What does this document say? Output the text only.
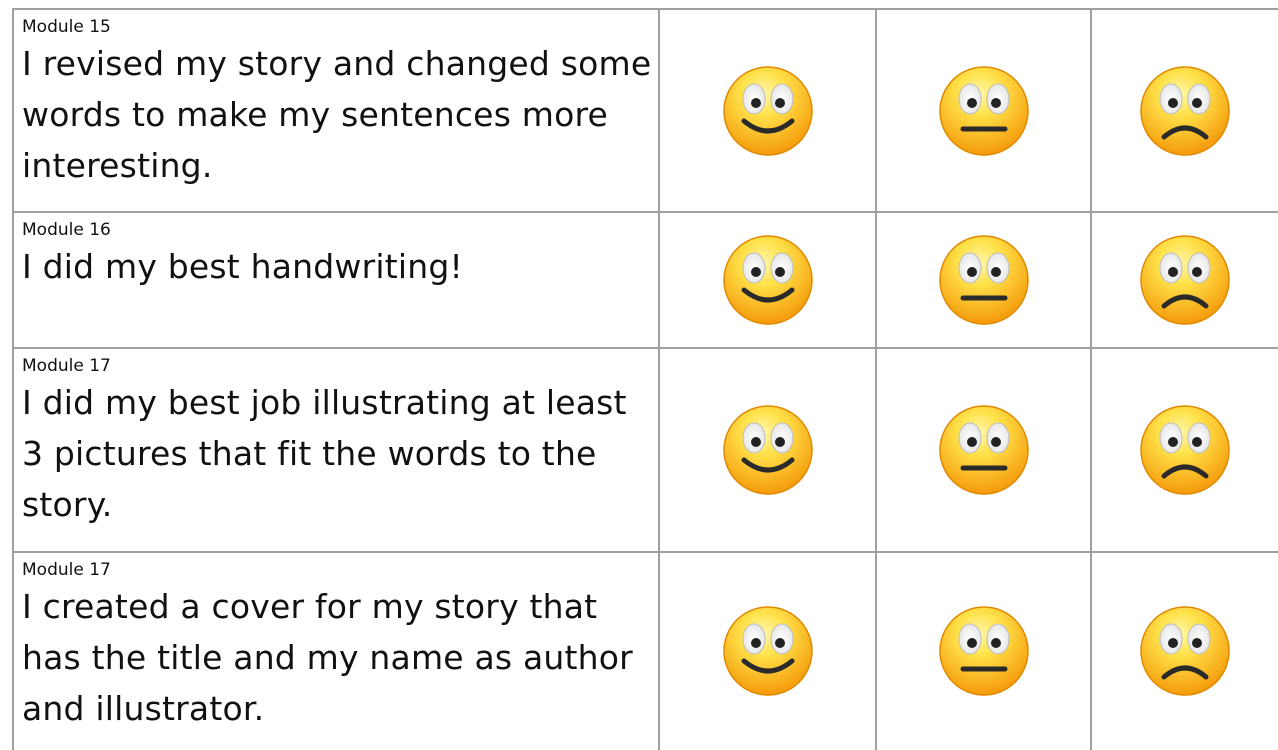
Module 15
I revised my story and changed some words to make my sentences more interesting.
Module 16
I did my best handwriting!
Module 17
I did my best job illustrating at least 3 pictures that fit the words to the story.
Module 17
I created a cover for my story that has the title and my name as author and illustrator.
